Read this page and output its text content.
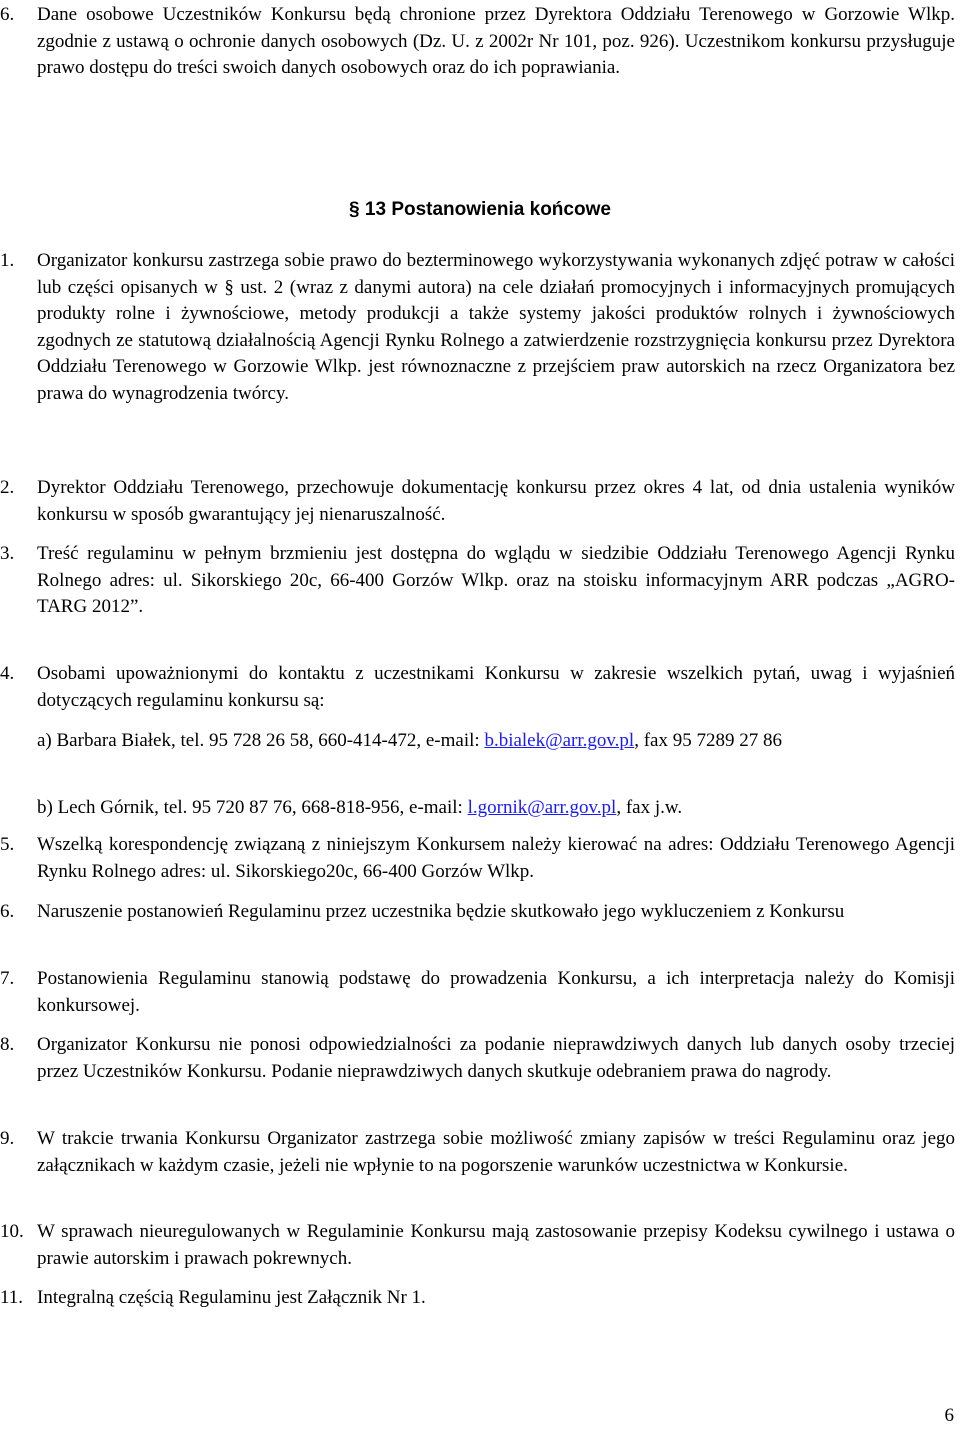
6. Dane osobowe Uczestników Konkursu będą chronione przez Dyrektora Oddziału Terenowego w Gorzowie Wlkp. zgodnie z ustawą o ochronie danych osobowych (Dz. U. z 2002r Nr 101, poz. 926). Uczestnikom konkursu przysługuje prawo dostępu do treści swoich danych osobowych oraz do ich poprawiania.
§ 13 Postanowienia końcowe
1. Organizator konkursu zastrzega sobie prawo do bezterminowego wykorzystywania wykonanych zdjęć potraw w całości lub części opisanych w § ust. 2 (wraz z danymi autora) na cele działań promocyjnych i informacyjnych promujących produkty rolne i żywnościowe, metody produkcji a także systemy jakości produktów rolnych i żywnościowych zgodnych ze statutową działalnością Agencji Rynku Rolnego a zatwierdzenie rozstrzygnięcia konkursu przez Dyrektora Oddziału Terenowego w Gorzowie Wlkp. jest równoznaczne z przejściem praw autorskich na rzecz Organizatora bez prawa do wynagrodzenia twórcy.
2. Dyrektor Oddziału Terenowego, przechowuje dokumentację konkursu przez okres 4 lat, od dnia ustalenia wyników konkursu w sposób gwarantujący jej nienaruszalność.
3. Treść regulaminu w pełnym brzmieniu jest dostępna do wglądu w siedzibie Oddziału Terenowego Agencji Rynku Rolnego adres: ul. Sikorskiego 20c, 66-400 Gorzów Wlkp. oraz na stoisku informacyjnym ARR podczas „AGRO-TARG 2012”.
4. Osobami upoważnionymi do kontaktu z uczestnikami Konkursu w zakresie wszelkich pytań, uwag i wyjaśnień dotyczących regulaminu konkursu są:
a) Barbara Białek, tel. 95 728 26 58, 660-414-472, e-mail: b.bialek@arr.gov.pl, fax 95 7289 27 86
b) Lech Górnik, tel. 95 720 87 76, 668-818-956, e-mail: l.gornik@arr.gov.pl, fax j.w.
5. Wszelką korespondencję związaną z niniejszym Konkursem należy kierować na adres: Oddziału Terenowego Agencji Rynku Rolnego adres: ul. Sikorskiego20c, 66-400 Gorzów Wlkp.
6. Naruszenie postanowień Regulaminu przez uczestnika będzie skutkowało jego wykluczeniem z Konkursu
7. Postanowienia Regulaminu stanowią podstawę do prowadzenia Konkursu, a ich interpretacja należy do Komisji konkursowej.
8. Organizator Konkursu nie ponosi odpowiedzialności za podanie nieprawdziwych danych lub danych osoby trzeciej przez Uczestników Konkursu. Podanie nieprawdziwych danych skutkuje odebraniem prawa do nagrody.
9. W trakcie trwania Konkursu Organizator zastrzega sobie możliwość zmiany zapisów w treści Regulaminu oraz jego załącznikach w każdym czasie, jeżeli nie wpłynie to na pogorszenie warunków uczestnictwa w Konkursie.
10. W sprawach nieuregulowanych w Regulaminie Konkursu mają zastosowanie przepisy Kodeksu cywilnego i ustawa o prawie autorskim i prawach pokrewnych.
11. Integralną częścią Regulaminu jest Załącznik Nr 1.
6
